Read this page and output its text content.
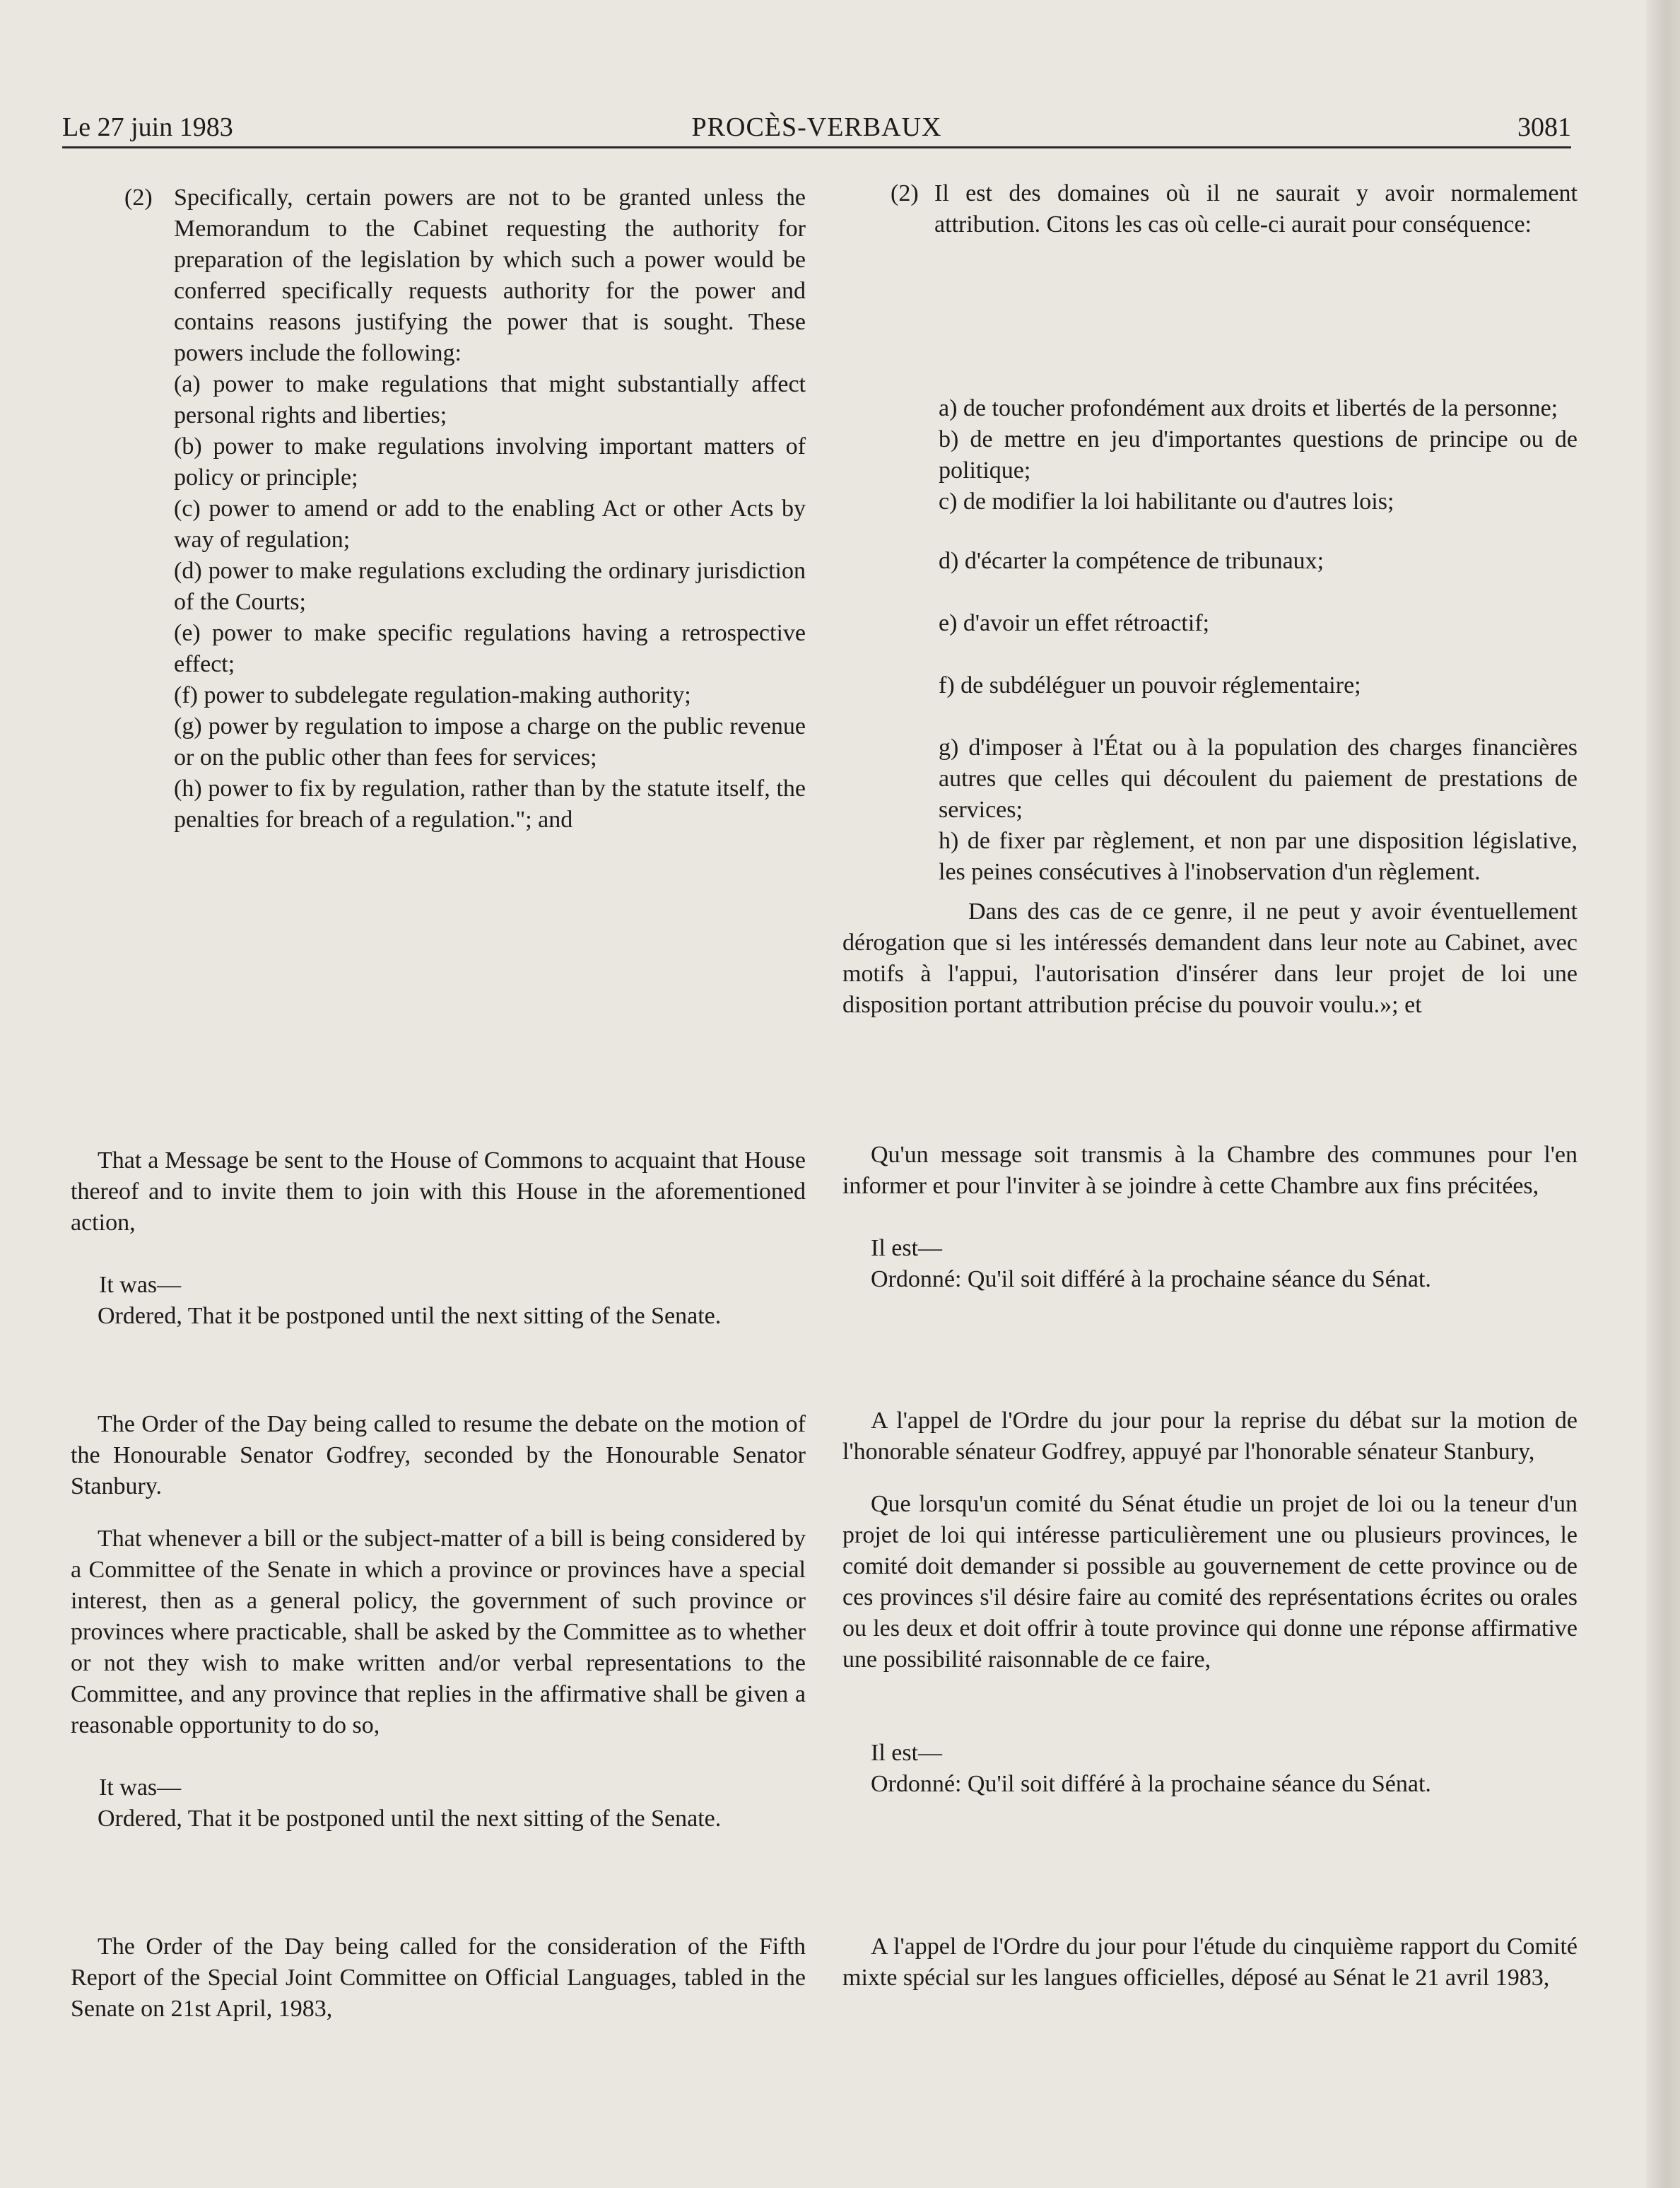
Le 27 juin 1983	PROCÈS-VERBAUX	3081
(2) Specifically, certain powers are not to be granted unless the Memorandum to the Cabinet requesting the authority for preparation of the legislation by which such a power would be conferred specifically requests authority for the power and contains reasons justifying the power that is sought. These powers include the following:

(a) power to make regulations that might substantially affect personal rights and liberties;

(b) power to make regulations involving important matters of policy or principle;

(c) power to amend or add to the enabling Act or other Acts by way of regulation;

(d) power to make regulations excluding the ordinary jurisdiction of the Courts;

(e) power to make specific regulations having a retrospective effect;

(f) power to subdelegate regulation-making authority;

(g) power by regulation to impose a charge on the public revenue or on the public other than fees for services;

(h) power to fix by regulation, rather than by the statute itself, the penalties for breach of a regulation."; and

That a Message be sent to the House of Commons to acquaint that House thereof and to invite them to join with this House in the aforementioned action,

It was—

Ordered, That it be postponed until the next sitting of the Senate.

The Order of the Day being called to resume the debate on the motion of the Honourable Senator Godfrey, seconded by the Honourable Senator Stanbury.

That whenever a bill or the subject-matter of a bill is being considered by a Committee of the Senate in which a province or provinces have a special interest, then as a general policy, the government of such province or provinces where practicable, shall be asked by the Committee as to whether or not they wish to make written and/or verbal representations to the Committee, and any province that replies in the affirmative shall be given a reasonable opportunity to do so,

It was—

Ordered, That it be postponed until the next sitting of the Senate.

The Order of the Day being called for the consideration of the Fifth Report of the Special Joint Committee on Official Languages, tabled in the Senate on 21st April, 1983,

(2) Il est des domaines où il ne saurait y avoir normalement attribution. Citons les cas où celle-ci aurait pour conséquence:

a) de toucher profondément aux droits et libertés de la personne;

b) de mettre en jeu d'importantes questions de principe ou de politique;

c) de modifier la loi habilitante ou d'autres lois;

d) d'écarter la compétence de tribunaux;

e) d'avoir un effet rétroactif;

f) de subdéléguer un pouvoir réglementaire;

g) d'imposer à l'État ou à la population des charges financières autres que celles qui découlent du paiement de prestations de services;

h) de fixer par règlement, et non par une disposition législative, les peines consécutives à l'inobservation d'un règlement.

Dans des cas de ce genre, il ne peut y avoir éventuellement dérogation que si les intéressés demandent dans leur note au Cabinet, avec motifs à l'appui, l'autorisation d'insérer dans leur projet de loi une disposition portant attribution précise du pouvoir voulu.»; et

Qu'un message soit transmis à la Chambre des communes pour l'en informer et pour l'inviter à se joindre à cette Chambre aux fins précitées,

Il est—

Ordonné: Qu'il soit différé à la prochaine séance du Sénat.

A l'appel de l'Ordre du jour pour la reprise du débat sur la motion de l'honorable sénateur Godfrey, appuyé par l'honorable sénateur Stanbury,

Que lorsqu'un comité du Sénat étudie un projet de loi ou la teneur d'un projet de loi qui intéresse particulièrement une ou plusieurs provinces, le comité doit demander si possible au gouvernement de cette province ou de ces provinces s'il désire faire au comité des représentations écrites ou orales ou les deux et doit offrir à toute province qui donne une réponse affirmative une possibilité raisonnable de ce faire,

Il est—

Ordonné: Qu'il soit différé à la prochaine séance du Sénat.

A l'appel de l'Ordre du jour pour l'étude du cinquième rapport du Comité mixte spécial sur les langues officielles, déposé au Sénat le 21 avril 1983,
